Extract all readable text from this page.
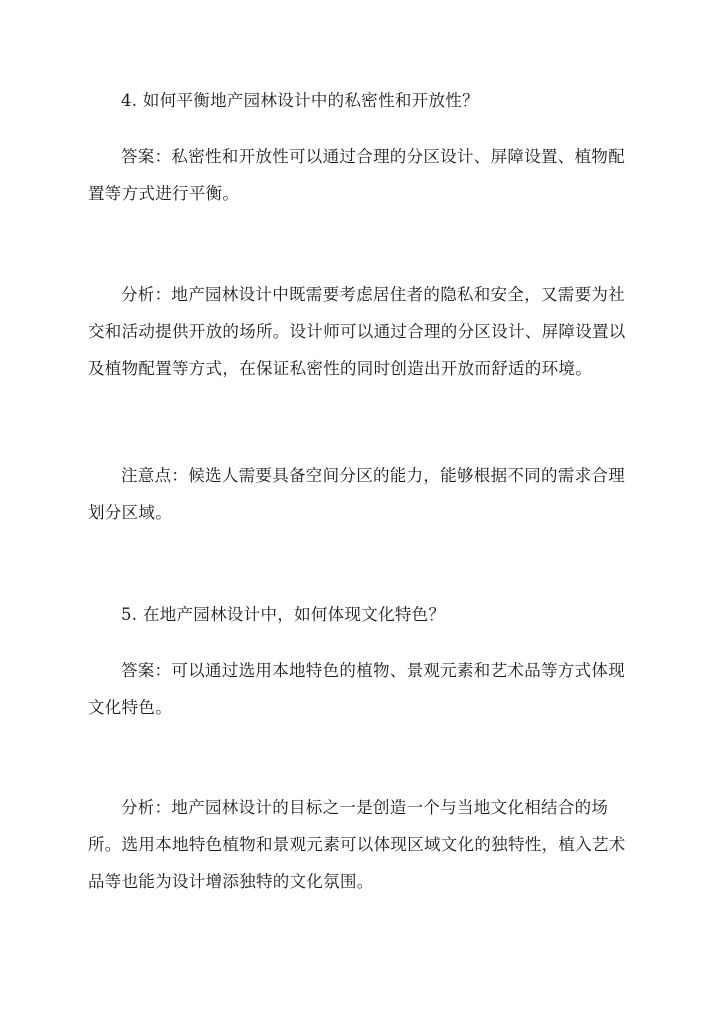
4. 如何平衡地产园林设计中的私密性和开放性？

答案：私密性和开放性可以通过合理的分区设计、屏障设置、植物配置等方式进行平衡。

分析：地产园林设计中既需要考虑居住者的隐私和安全，又需要为社交和活动提供开放的场所。设计师可以通过合理的分区设计、屏障设置以及植物配置等方式，在保证私密性的同时创造出开放而舒适的环境。

注意点：候选人需要具备空间分区的能力，能够根据不同的需求合理划分区域。

5. 在地产园林设计中，如何体现文化特色？

答案：可以通过选用本地特色的植物、景观元素和艺术品等方式体现文化特色。

分析：地产园林设计的目标之一是创造一个与当地文化相结合的场所。选用本地特色植物和景观元素可以体现区域文化的独特性，植入艺术品等也能为设计增添独特的文化氛围。
